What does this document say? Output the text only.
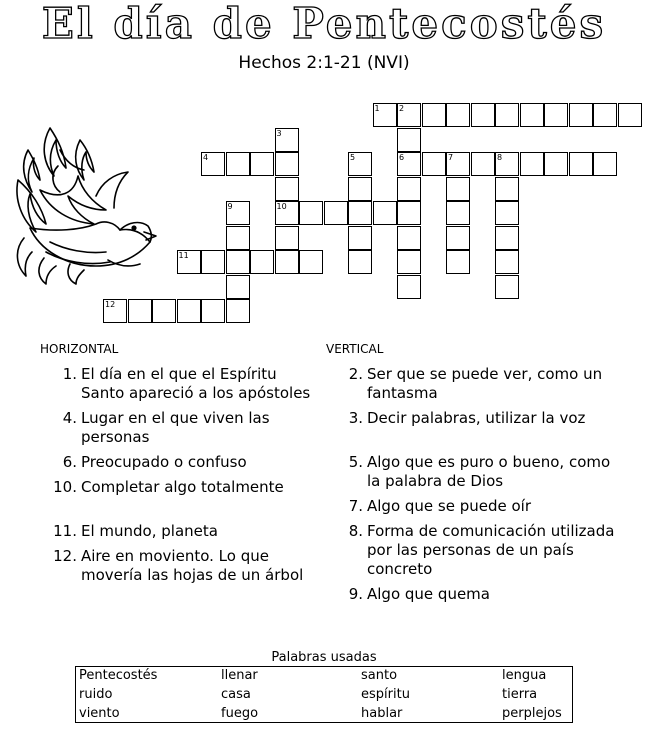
El día de Pentecostés
Hechos 2:1-21 (NVI)
1 2
6
3
10
4	5	7	8
9
11
12
HORIZONTAL
1. El día en el que el Espíritu Santo apareció a los apóstoles
4. Lugar en el que viven las personas
6. Preocupado o confuso
10. Completar algo totalmente
11. El mundo, planeta
12. Aire en moviento. Lo que movería las hojas de un árbol
VERTICAL
2. Ser que se puede ver, como un fantasma
3. Decir palabras, utilizar la voz
5. Algo que es puro o bueno, como la palabra de Dios
7. Algo que se puede oír
8. Forma de comunicación utilizada por las personas de un país concreto
9. Algo que quema
Palabras usadas
Pentecostés	llenar	santo	lengua
ruido	casa	espíritu	tierra
viento	fuego	hablar	perplejos
